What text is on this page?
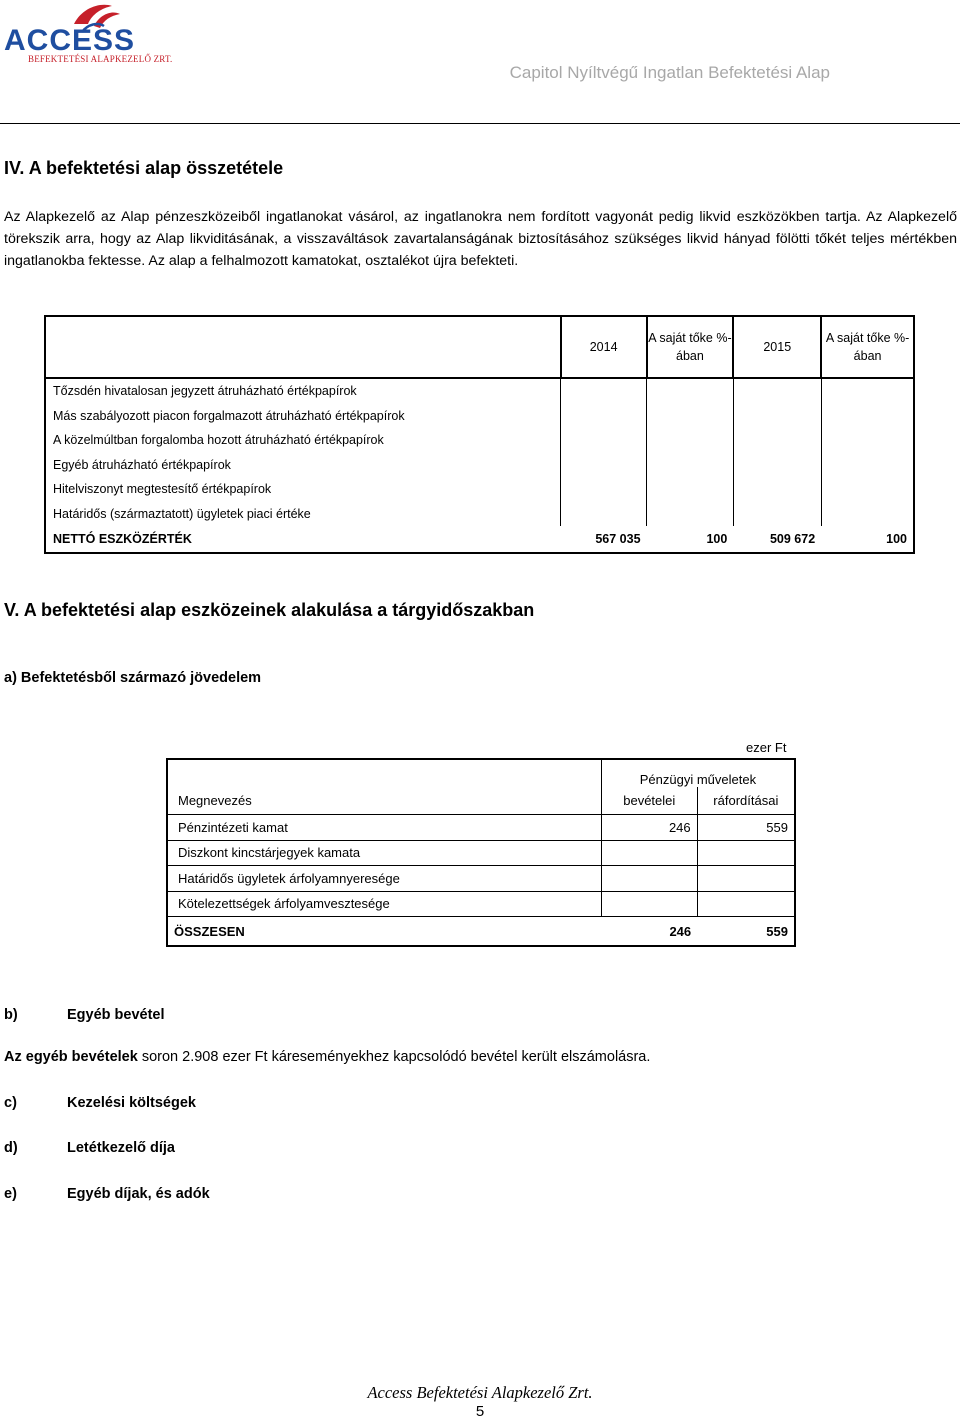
ACCESS
BEFEKTETÉSI ALAPKEZELŐ ZRT.
Capitol Nyíltvégű Ingatlan Befektetési Alap
IV. A befektetési alap összetétele

Az Alapkezelő az Alap pénzeszközeiből ingatlanokat vásárol, az ingatlanokra nem fordított vagyonát pedig likvid eszközökben tartja. Az Alapkezelő törekszik arra, hogy az Alap likviditásának, a visszaváltások zavartalanságának biztosításához szükséges likvid hányad fölötti tőkét teljes mértékben ingatlanokba fektesse. Az alap a felhalmozott kamatokat, osztalékot újra befekteti.

	2014	A saját tőke %-ában	2015	A saját tőke %-ában
Tőzsdén hivatalosan jegyzett átruházható értékpapírok				
Más szabályozott piacon forgalmazott átruházható értékpapírok				
A közelmúltban forgalomba hozott átruházható értékpapírok				
Egyéb átruházható értékpapírok				
Hitelviszonyt megtestesítő értékpapírok				
Határidős (származtatott) ügyletek piaci értéke				
NETTÓ ESZKÖZÉRTÉK	567 035	100	509 672	100
V. A befektetési alap eszközeinek alakulása a tárgyidőszakban
a) Befektetésből származó jövedelem
ezer Ft
	Pénzügyi műveletek	
Megnevezés	bevételei	ráfordításai
Pénzintézeti kamat	246	559
Diszkont kincstárjegyek kamata		
Határidős ügyletek árfolyamnyeresége		
Kötelezettségek árfolyamvesztesége		
ÖSSZESEN	246	559
b)	Egyéb bevétel
Az egyéb bevételek soron 2.908 ezer Ft káreseményekhez kapcsolódó bevétel került elszámolásra.
c)	Kezelési költségek
d)	Letétkezelő díja
e)	Egyéb díjak, és adók
Access Befektetési Alapkezelő Zrt.
5
